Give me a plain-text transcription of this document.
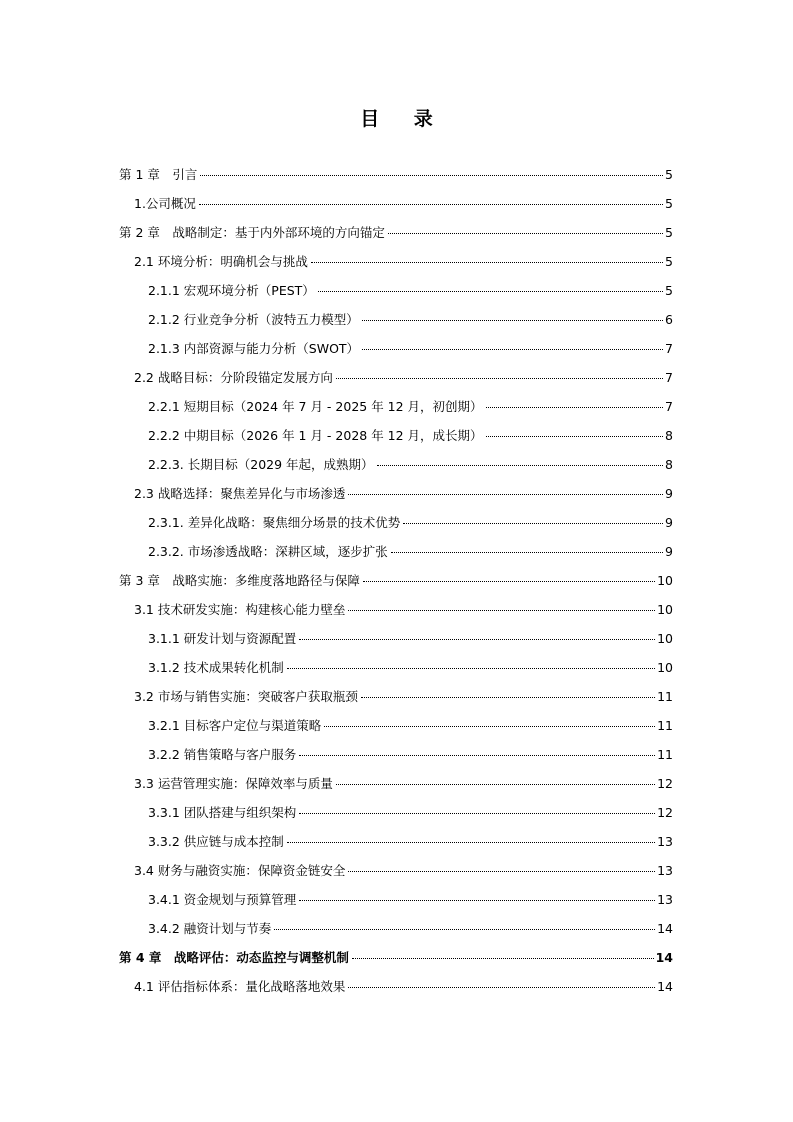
目 录
第 1 章　引言	5
1.公司概况	5
第 2 章　战略制定：基于内外部环境的方向锚定	5
2.1 环境分析：明确机会与挑战	5
2.1.1 宏观环境分析（PEST）	5
2.1.2 行业竞争分析（波特五力模型）	6
2.1.3 内部资源与能力分析（SWOT）	7
2.2 战略目标：分阶段锚定发展方向	7
2.2.1 短期目标（2024 年 7 月 - 2025 年 12 月，初创期）	7
2.2.2 中期目标（2026 年 1 月 - 2028 年 12 月，成长期）	8
2.2.3. 长期目标（2029 年起，成熟期）	8
2.3 战略选择：聚焦差异化与市场渗透	9
2.3.1. 差异化战略：聚焦细分场景的技术优势	9
2.3.2. 市场渗透战略：深耕区域，逐步扩张	9
第 3 章　战略实施：多维度落地路径与保障	10
3.1 技术研发实施：构建核心能力壁垒	10
3.1.1 研发计划与资源配置	10
3.1.2 技术成果转化机制	10
3.2 市场与销售实施：突破客户获取瓶颈	11
3.2.1 目标客户定位与渠道策略	11
3.2.2 销售策略与客户服务	11
3.3 运营管理实施：保障效率与质量	12
3.3.1 团队搭建与组织架构	12
3.3.2 供应链与成本控制	13
3.4 财务与融资实施：保障资金链安全	13
3.4.1 资金规划与预算管理	13
3.4.2 融资计划与节奏	14
第 4 章　战略评估：动态监控与调整机制	14
4.1 评估指标体系：量化战略落地效果	14
